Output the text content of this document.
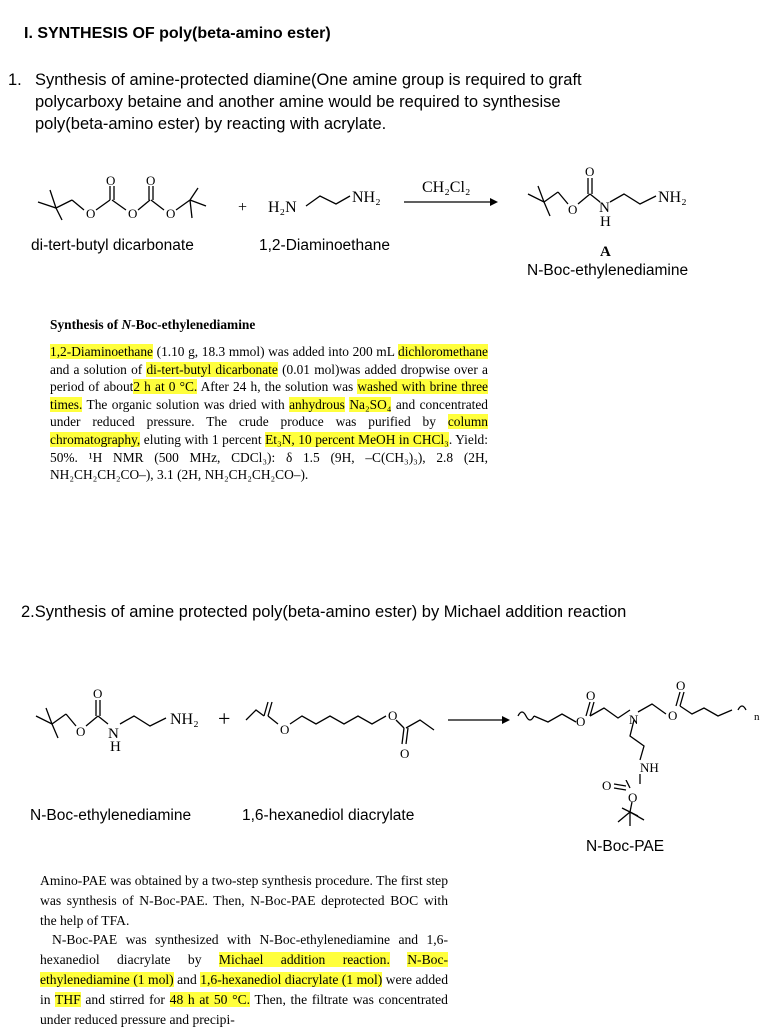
I. SYNTHESIS OF poly(beta-amino ester)
1. Synthesis of amine-protected diamine(One amine group is required to graft
polycarboxy betaine and another amine would be required to synthesise
poly(beta-amino ester) by reacting with acrylate.
O
O
O
O
O	+ H₂N
NH₂
CH₂Cl₂
O
O
N
H
NH₂
A
di-tert-butyl dicarbonate	1,2-Diaminoethane
N-Boc-ethylenediamine
Synthesis of N-Boc-ethylenediamine
1,2-Diaminoethane (1.10 g, 18.3 mmol) was added into 200 mL dichloromethane and a solution of di-tert-butyl dicarbonate (0.01 mol)was added dropwise over a period of about2 h at 0 °C. After 24 h, the solution was washed with brine three times. The organic solution was dried with anhydrous Na₂SO₄ and concentrated under reduced pressure. The crude produce was purified by column chromatography, eluting with 1 percent Et₃N, 10 percent MeOH in CHCl₃. Yield: 50%. ¹H NMR (500 MHz, CDCl₃): δ 1.5 (9H, –C(CH₃)₃), 2.8 (2H, NH₂CH₂CH₂CO–), 3.1 (2H, NH₂CH₂CH₂CO–).
2.Synthesis of amine protected poly(beta-amino ester) by Michael addition reaction
O
O
N
H
NH₂ +	O
O
O
O
O
N O
O
n
NH
O
O
N-Boc-ethylenediamine	1,6-hexanediol diacrylate
N-Boc-PAE
Amino-PAE was obtained by a two-step synthesis procedure. The first step was synthesis of N-Boc-PAE. Then, N-Boc-PAE deprotected BOC with the help of TFA.
N-Boc-PAE was synthesized with N-Boc-ethylenediamine and 1,6-hexanediol diacrylate by Michael addition reaction. N-Boc-ethylenediamine (1 mol) and 1,6-hexanediol diacrylate (1 mol) were added in THF and stirred for 48 h at 50 °C. Then, the filtrate was concentrated under reduced pressure and precipi-
